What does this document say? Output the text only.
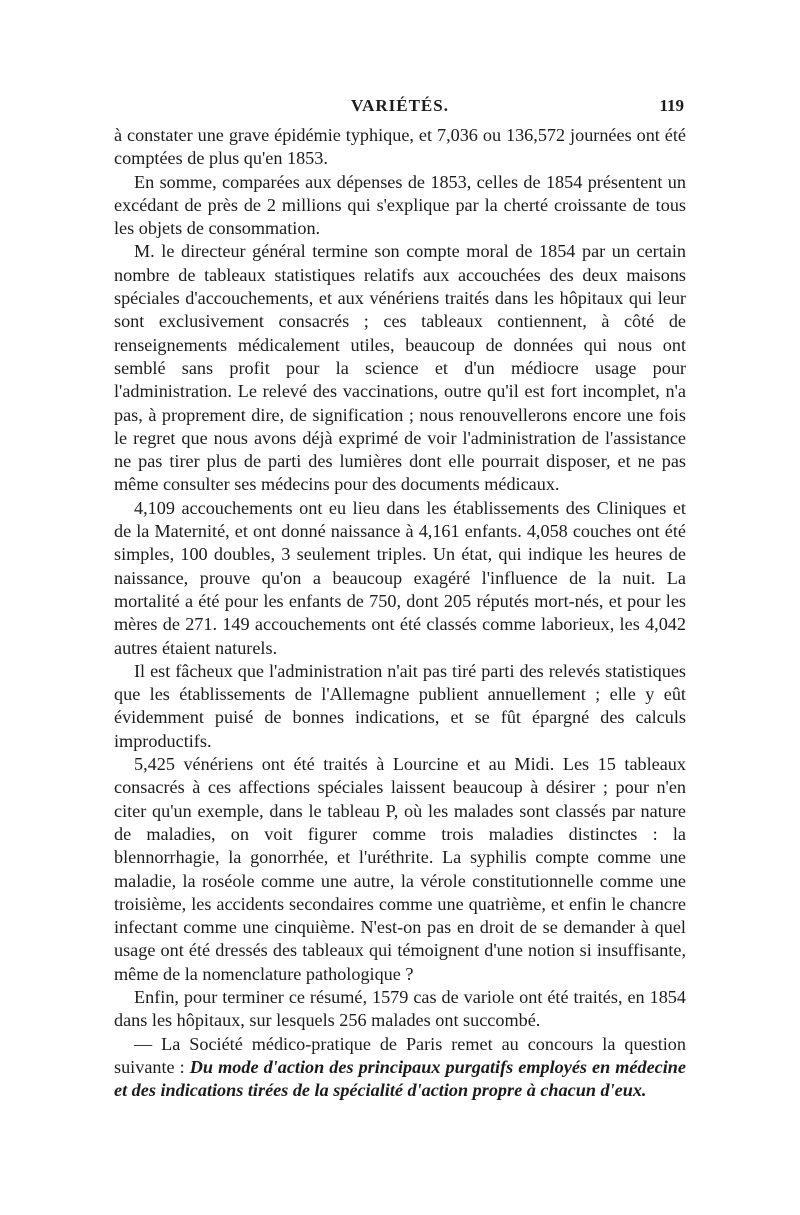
VARIÉTÉS.	119

à constater une grave épidémie typhique, et 7,036 ou 136,572 journées ont été comptées de plus qu'en 1853.

En somme, comparées aux dépenses de 1853, celles de 1854 présentent un excédant de près de 2 millions qui s'explique par la cherté croissante de tous les objets de consommation.

M. le directeur général termine son compte moral de 1854 par un certain nombre de tableaux statistiques relatifs aux accouchées des deux maisons spéciales d'accouchements, et aux vénériens traités dans les hôpitaux qui leur sont exclusivement consacrés ; ces tableaux contiennent, à côté de renseignements médicalement utiles, beaucoup de données qui nous ont semblé sans profit pour la science et d'un médiocre usage pour l'administration. Le relevé des vaccinations, outre qu'il est fort incomplet, n'a pas, à proprement dire, de signification ; nous renouvellerons encore une fois le regret que nous avons déjà exprimé de voir l'administration de l'assistance ne pas tirer plus de parti des lumières dont elle pourrait disposer, et ne pas même consulter ses médecins pour des documents médicaux.

4,109 accouchements ont eu lieu dans les établissements des Cliniques et de la Maternité, et ont donné naissance à 4,161 enfants. 4,058 couches ont été simples, 100 doubles, 3 seulement triples. Un état, qui indique les heures de naissance, prouve qu'on a beaucoup exagéré l'influence de la nuit. La mortalité a été pour les enfants de 750, dont 205 réputés mort-nés, et pour les mères de 271. 149 accouchements ont été classés comme laborieux, les 4,042 autres étaient naturels.

Il est fâcheux que l'administration n'ait pas tiré parti des relevés statistiques que les établissements de l'Allemagne publient annuellement ; elle y eût évidemment puisé de bonnes indications, et se fût épargné des calculs improductifs.

5,425 vénériens ont été traités à Lourcine et au Midi. Les 15 tableaux consacrés à ces affections spéciales laissent beaucoup à désirer ; pour n'en citer qu'un exemple, dans le tableau P, où les malades sont classés par nature de maladies, on voit figurer comme trois maladies distinctes : la blennorrhagie, la gonorrhée, et l'uréthrite. La syphilis compte comme une maladie, la roséole comme une autre, la vérole constitutionnelle comme une troisième, les accidents secondaires comme une quatrième, et enfin le chancre infectant comme une cinquième. N'est-on pas en droit de se demander à quel usage ont été dressés des tableaux qui témoignent d'une notion si insuffisante, même de la nomenclature pathologique ?

Enfin, pour terminer ce résumé, 1579 cas de variole ont été traités, en 1854 dans les hôpitaux, sur lesquels 256 malades ont succombé.

— La Société médico-pratique de Paris remet au concours la question suivante : Du mode d'action des principaux purgatifs employés en médecine et des indications tirées de la spécialité d'action propre à chacun d'eux.
